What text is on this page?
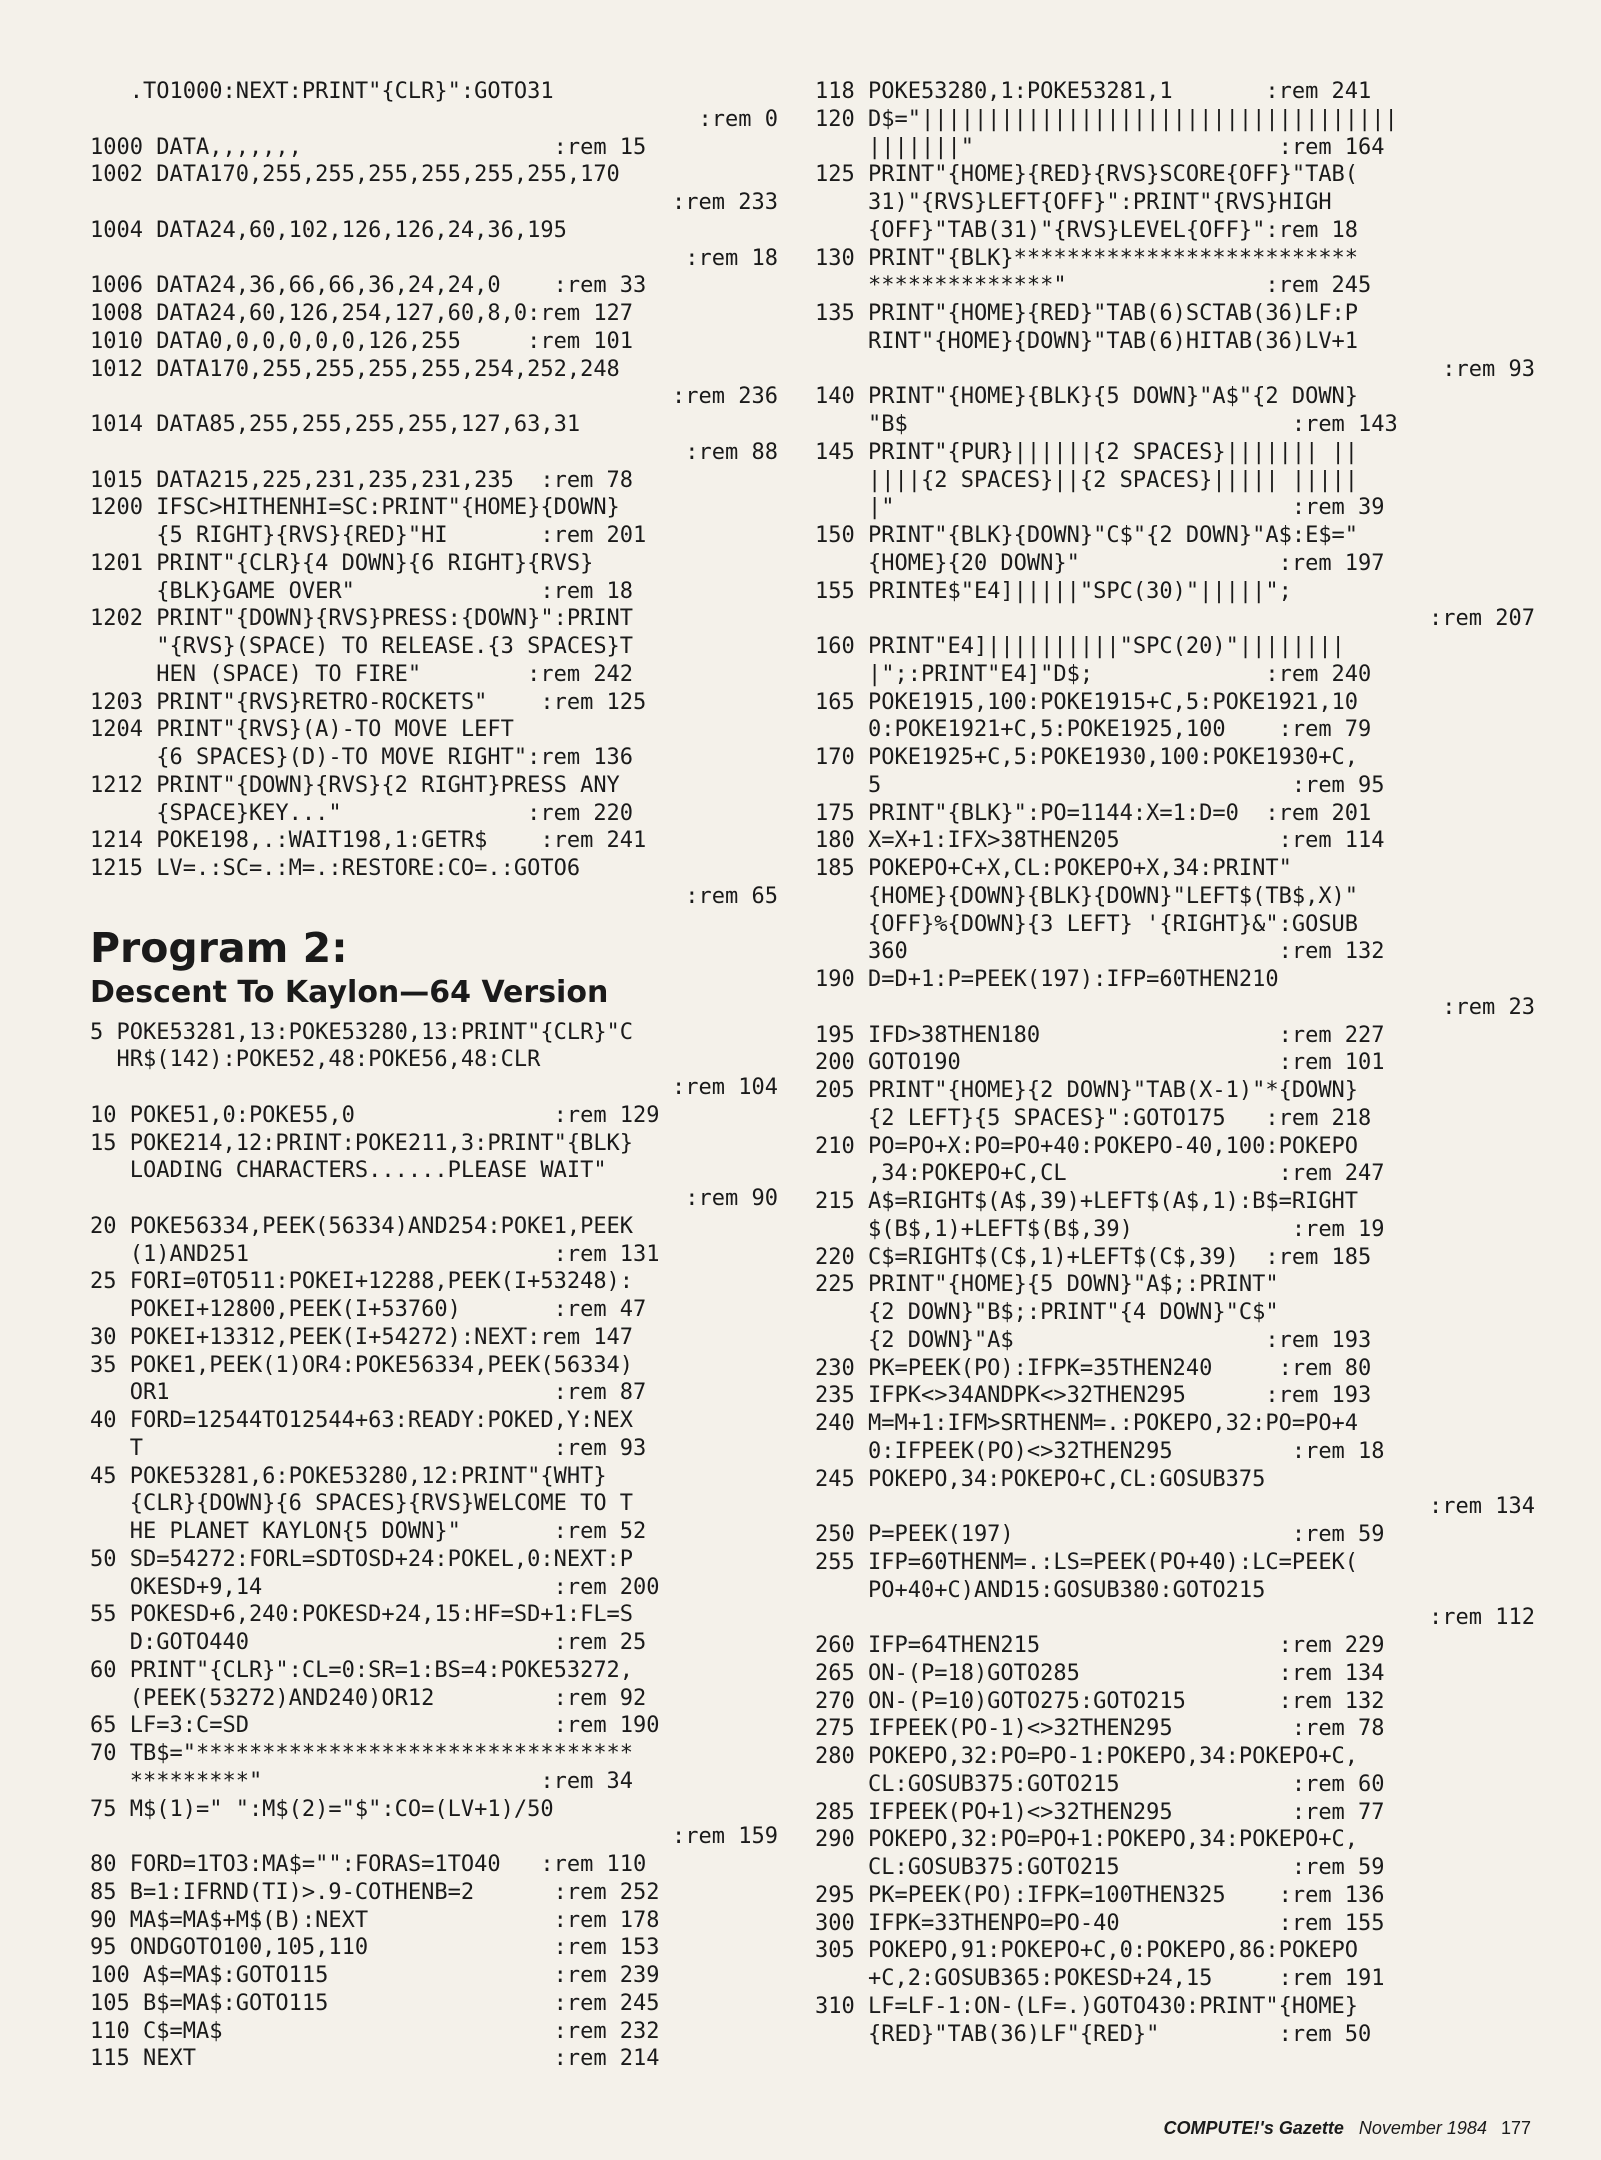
.TO1000:NEXT:PRINT"{CLR}":GOTO31
:rem 0
1000 DATA,,,,,,,                   :rem 15
1002 DATA170,255,255,255,255,255,255,170
:rem 233
1004 DATA24,60,102,126,126,24,36,195
:rem 18
1006 DATA24,36,66,66,36,24,24,0    :rem 33
1008 DATA24,60,126,254,127,60,8,0:rem 127
1010 DATA0,0,0,0,0,0,126,255     :rem 101
1012 DATA170,255,255,255,255,254,252,248
:rem 236
1014 DATA85,255,255,255,255,127,63,31
:rem 88
1015 DATA215,225,231,235,231,235  :rem 78
1200 IFSC>HITHENHI=SC:PRINT"{HOME}{DOWN}
{5 RIGHT}{RVS}{RED}"HI       :rem 201
1201 PRINT"{CLR}{4 DOWN}{6 RIGHT}{RVS}
{BLK}GAME OVER"              :rem 18
1202 PRINT"{DOWN}{RVS}PRESS:{DOWN}":PRINT
"{RVS}(SPACE) TO RELEASE.{3 SPACES}T
HEN (SPACE) TO FIRE"        :rem 242
1203 PRINT"{RVS}RETRO-ROCKETS"    :rem 125
1204 PRINT"{RVS}(A)-TO MOVE LEFT
{6 SPACES}(D)-TO MOVE RIGHT":rem 136
1212 PRINT"{DOWN}{RVS}{2 RIGHT}PRESS ANY
{SPACE}KEY..."              :rem 220
1214 POKE198,.:WAIT198,1:GETR$    :rem 241
1215 LV=.:SC=.:M=.:RESTORE:CO=.:GOTO6
:rem 65
Program 2:
Descent To Kaylon—64 Version
5 POKE53281,13:POKE53280,13:PRINT"{CLR}"C
HR$(142):POKE52,48:POKE56,48:CLR
:rem 104
10 POKE51,0:POKE55,0               :rem 129
15 POKE214,12:PRINT:POKE211,3:PRINT"{BLK}
LOADING CHARACTERS......PLEASE WAIT"
:rem 90
20 POKE56334,PEEK(56334)AND254:POKE1,PEEK
(1)AND251                       :rem 131
25 FORI=0TO511:POKEI+12288,PEEK(I+53248):
POKEI+12800,PEEK(I+53760)       :rem 47
30 POKEI+13312,PEEK(I+54272):NEXT:rem 147
35 POKE1,PEEK(1)OR4:POKE56334,PEEK(56334)
OR1                             :rem 87
40 FORD=12544TO12544+63:READY:POKED,Y:NEX
T                               :rem 93
45 POKE53281,6:POKE53280,12:PRINT"{WHT}
{CLR}{DOWN}{6 SPACES}{RVS}WELCOME TO T
HE PLANET KAYLON{5 DOWN}"       :rem 52
50 SD=54272:FORL=SDTOSD+24:POKEL,0:NEXT:P
OKESD+9,14                      :rem 200
55 POKESD+6,240:POKESD+24,15:HF=SD+1:FL=S
D:GOTO440                       :rem 25
60 PRINT"{CLR}":CL=0:SR=1:BS=4:POKE53272,
(PEEK(53272)AND240)OR12         :rem 92
65 LF=3:C=SD                       :rem 190
70 TB$="*********************************
*********"                     :rem 34
75 M$(1)=" ":M$(2)="$":CO=(LV+1)/50
:rem 159
80 FORD=1TO3:MA$="":FORAS=1TO40   :rem 110
85 B=1:IFRND(TI)>.9-COTHENB=2      :rem 252
90 MA$=MA$+M$(B):NEXT              :rem 178
95 ONDGOTO100,105,110              :rem 153
100 A$=MA$:GOTO115                 :rem 239
105 B$=MA$:GOTO115                 :rem 245
110 C$=MA$                         :rem 232
115 NEXT                           :rem 214
118 POKE53280,1:POKE53281,1       :rem 241
120 D$="||||||||||||||||||||||||||||||||||||
|||||||"                       :rem 164
125 PRINT"{HOME}{RED}{RVS}SCORE{OFF}"TAB(
31)"{RVS}LEFT{OFF}":PRINT"{RVS}HIGH
{OFF}"TAB(31)"{RVS}LEVEL{OFF}":rem 18
130 PRINT"{BLK}**************************
**************"               :rem 245
135 PRINT"{HOME}{RED}"TAB(6)SCTAB(36)LF:P
RINT"{HOME}{DOWN}"TAB(6)HITAB(36)LV+1
:rem 93
140 PRINT"{HOME}{BLK}{5 DOWN}"A$"{2 DOWN}
"B$                             :rem 143
145 PRINT"{PUR}||||||{2 SPACES}||||||| ||
||||{2 SPACES}||{2 SPACES}||||| |||||
|"                              :rem 39
150 PRINT"{BLK}{DOWN}"C$"{2 DOWN}"A$:E$="
{HOME}{20 DOWN}"               :rem 197
155 PRINTE$"E4]|||||"SPC(30)"|||||";
:rem 207
160 PRINT"E4]||||||||||"SPC(20)"||||||||
|";:PRINT"E4]"D$;             :rem 240
165 POKE1915,100:POKE1915+C,5:POKE1921,10
0:POKE1921+C,5:POKE1925,100    :rem 79
170 POKE1925+C,5:POKE1930,100:POKE1930+C,
5                               :rem 95
175 PRINT"{BLK}":PO=1144:X=1:D=0  :rem 201
180 X=X+1:IFX>38THEN205            :rem 114
185 POKEPO+C+X,CL:POKEPO+X,34:PRINT"
{HOME}{DOWN}{BLK}{DOWN}"LEFT$(TB$,X)"
{OFF}%{DOWN}{3 LEFT} '{RIGHT}&":GOSUB
360                            :rem 132
190 D=D+1:P=PEEK(197):IFP=60THEN210
:rem 23
195 IFD>38THEN180                  :rem 227
200 GOTO190                        :rem 101
205 PRINT"{HOME}{2 DOWN}"TAB(X-1)"*{DOWN}
{2 LEFT}{5 SPACES}":GOTO175   :rem 218
210 PO=PO+X:PO=PO+40:POKEPO-40,100:POKEPO
,34:POKEPO+C,CL                :rem 247
215 A$=RIGHT$(A$,39)+LEFT$(A$,1):B$=RIGHT
$(B$,1)+LEFT$(B$,39)            :rem 19
220 C$=RIGHT$(C$,1)+LEFT$(C$,39)  :rem 185
225 PRINT"{HOME}{5 DOWN}"A$;:PRINT"
{2 DOWN}"B$;:PRINT"{4 DOWN}"C$"
{2 DOWN}"A$                   :rem 193
230 PK=PEEK(PO):IFPK=35THEN240     :rem 80
235 IFPK<>34ANDPK<>32THEN295      :rem 193
240 M=M+1:IFM>SRTHENM=.:POKEPO,32:PO=PO+4
0:IFPEEK(PO)<>32THEN295         :rem 18
245 POKEPO,34:POKEPO+C,CL:GOSUB375
:rem 134
250 P=PEEK(197)                     :rem 59
255 IFP=60THENM=.:LS=PEEK(PO+40):LC=PEEK(
PO+40+C)AND15:GOSUB380:GOTO215
:rem 112
260 IFP=64THEN215                  :rem 229
265 ON-(P=18)GOTO285               :rem 134
270 ON-(P=10)GOTO275:GOTO215       :rem 132
275 IFPEEK(PO-1)<>32THEN295         :rem 78
280 POKEPO,32:PO=PO-1:POKEPO,34:POKEPO+C,
CL:GOSUB375:GOTO215             :rem 60
285 IFPEEK(PO+1)<>32THEN295         :rem 77
290 POKEPO,32:PO=PO+1:POKEPO,34:POKEPO+C,
CL:GOSUB375:GOTO215             :rem 59
295 PK=PEEK(PO):IFPK=100THEN325    :rem 136
300 IFPK=33THENPO=PO-40            :rem 155
305 POKEPO,91:POKEPO+C,0:POKEPO,86:POKEPO
+C,2:GOSUB365:POKESD+24,15     :rem 191
310 LF=LF-1:ON-(LF=.)GOTO430:PRINT"{HOME}
{RED}"TAB(36)LF"{RED}"         :rem 50
COMPUTE!'s Gazette November 1984 177
